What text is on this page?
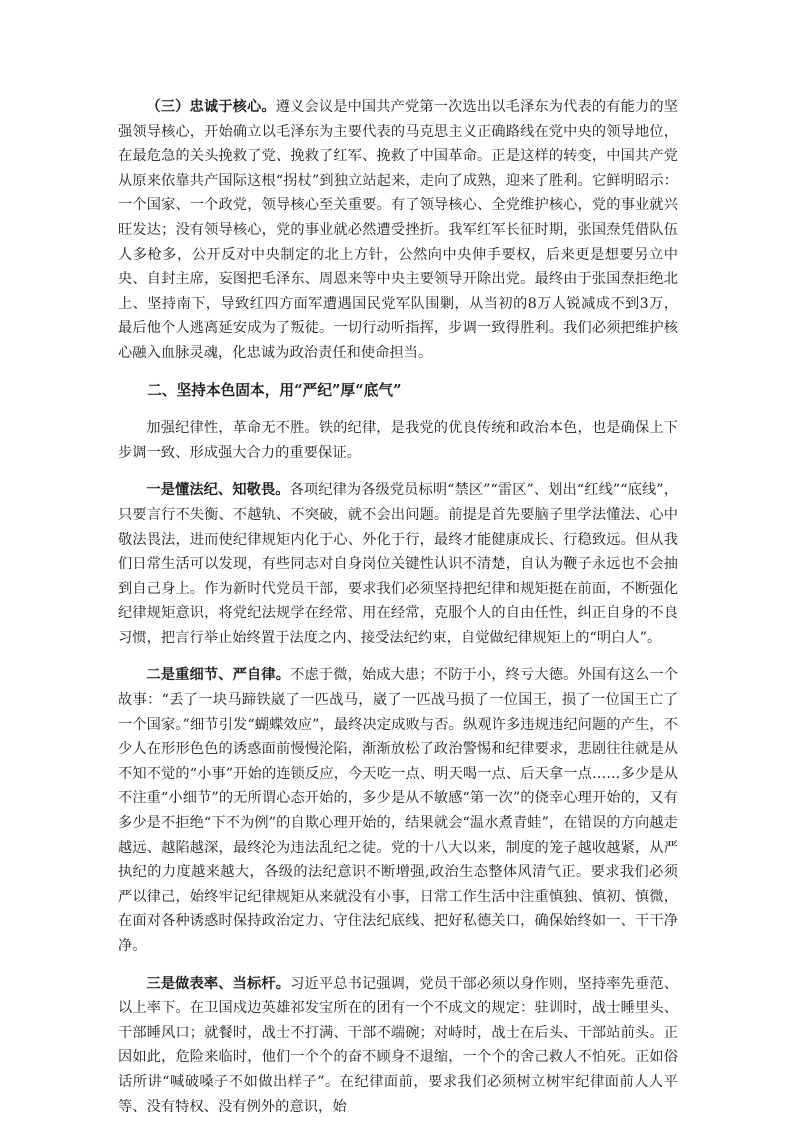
（三）忠诚于核心。遵义会议是中国共产党第一次选出以毛泽东为代表的有能力的坚强领导核心，开始确立以毛泽东为主要代表的马克思主义正确路线在党中央的领导地位，在最危急的关头挽救了党、挽救了红军、挽救了中国革命。正是这样的转变，中国共产党从原来依靠共产国际这根“拐杖”到独立站起来，走向了成熟，迎来了胜利。它鲜明昭示：一个国家、一个政党，领导核心至关重要。有了领导核心、全党维护核心，党的事业就兴旺发达；没有领导核心，党的事业就必然遭受挫折。我军红军长征时期，张国焘凭借队伍人多枪多，公开反对中央制定的北上方针，公然向中央伸手要权，后来更是想要另立中央、自封主席，妄图把毛泽东、周恩来等中央主要领导开除出党。最终由于张国焘拒绝北上、坚持南下，导致红四方面军遭遇国民党军队围剿，从当初的8万人锐减成不到3万，最后他个人逃离延安成为了叛徒。一切行动听指挥，步调一致得胜利。我们必须把维护核心融入血脉灵魂，化忠诚为政治责任和使命担当。

二、坚持本色固本，用“严纪”厚“底气”

加强纪律性，革命无不胜。铁的纪律，是我党的优良传统和政治本色，也是确保上下步调一致、形成强大合力的重要保证。

一是懂法纪、知敬畏。各项纪律为各级党员标明“禁区”“雷区”、划出“红线”“底线”，只要言行不失衡、不越轨、不突破，就不会出问题。前提是首先要脑子里学法懂法、心中敬法畏法，进而使纪律规矩内化于心、外化于行，最终才能健康成长、行稳致远。但从我们日常生活可以发现，有些同志对自身岗位关键性认识不清楚，自认为鞭子永远也不会抽到自己身上。作为新时代党员干部，要求我们必须坚持把纪律和规矩挺在前面，不断强化纪律规矩意识，将党纪法规学在经常、用在经常，克服个人的自由任性，纠正自身的不良习惯，把言行举止始终置于法度之内、接受法纪约束，自觉做纪律规矩上的“明白人”。

二是重细节、严自律。不虑于微，始成大患；不防于小，终亏大德。外国有这么一个故事：“丢了一块马蹄铁崴了一匹战马，崴了一匹战马损了一位国王，损了一位国王亡了一个国家。”细节引发“蝴蝶效应”，最终决定成败与否。纵观许多违规违纪问题的产生，不少人在形形色色的诱惑面前慢慢沦陷，渐渐放松了政治警惕和纪律要求，悲剧往往就是从不知不觉的“小事”开始的连锁反应，今天吃一点、明天喝一点、后天拿一点……多少是从不注重“小细节”的无所谓心态开始的，多少是从不敏感“第一次”的侥幸心理开始的，又有多少是不拒绝“下不为例”的自欺心理开始的，结果就会“温水煮青蛙”，在错误的方向越走越远、越陷越深，最终沦为违法乱纪之徒。党的十八大以来，制度的笼子越收越紧，从严执纪的力度越来越大，各级的法纪意识不断增强,政治生态整体风清气正。要求我们必须严以律己，始终牢记纪律规矩从来就没有小事，日常工作生活中注重慎独、慎初、慎微，在面对各种诱惑时保持政治定力、守住法纪底线、把好私德关口，确保始终如一、干干净净。

三是做表率、当标杆。习近平总书记强调，党员干部必须以身作则，坚持率先垂范、以上率下。在卫国戍边英雄祁发宝所在的团有一个不成文的规定：驻训时，战士睡里头、干部睡风口；就餐时，战士不打满、干部不端碗；对峙时，战士在后头、干部站前头。正因如此，危险来临时，他们一个个的奋不顾身不退缩，一个个的舍己救人不怕死。正如俗话所讲“喊破嗓子不如做出样子”。在纪律面前，要求我们必须树立树牢纪律面前人人平等、没有特权、没有例外的意识，始
